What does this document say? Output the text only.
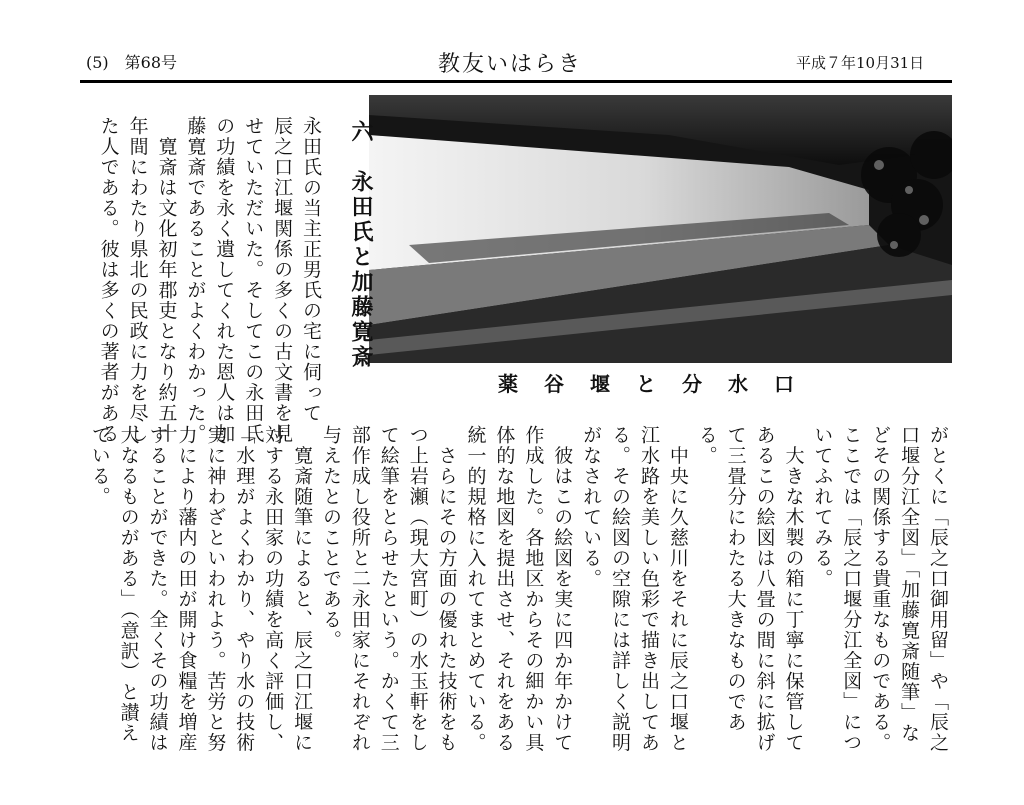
(5)　第68号	教友いはらき	平成７年10月31日
薬谷堰と分水口
六　永田氏と加藤寛斎
永田氏の当主正男氏の宅に伺って
辰之口江堰関係の多くの古文書を見
せていただいた。そしてこの永田氏
の功績を永く遺してくれた恩人は加
藤寛斎であることがよくわかった。
　寛斎は文化初年郡吏となり約五十
年間にわたり県北の民政に力を尽し
た人である。彼は多くの著者がある
がとくに「辰之口御用留」や「辰之
口堰分江全図」「加藤寛斎随筆」な
どその関係する貴重なものである。
ここでは「辰之口堰分江全図」につ
いてふれてみる。
　大きな木製の箱に丁寧に保管して
あるこの絵図は八畳の間に斜に拡げ
て三畳分にわたる大きなものであ
る。
　中央に久慈川をそれに辰之口堰と
江水路を美しい色彩で描き出してあ
る。その絵図の空隙には詳しく説明
がなされている。
　彼はこの絵図を実に四か年かけて
作成した。各地区からその細かい具
体的な地図を提出させ、それをある
統一的規格に入れてまとめている。
　さらにその方面の優れた技術をも
つ上岩瀬（現大宮町）の水玉軒をし
て絵筆をとらせたという。かくて三
部作成し役所と二永田家にそれぞれ
与えたとのことである。
　寛斎随筆によると、辰之口江堰に
対する永田家の功績を高く評価し、
「水理がよくわかり、やり水の技術
実に神わざといわれよう。苦労と努
力により藩内の田が開け食糧を増産
することができた。全くその功績は
大なるものがある」（意訳）と讃え
ている。
